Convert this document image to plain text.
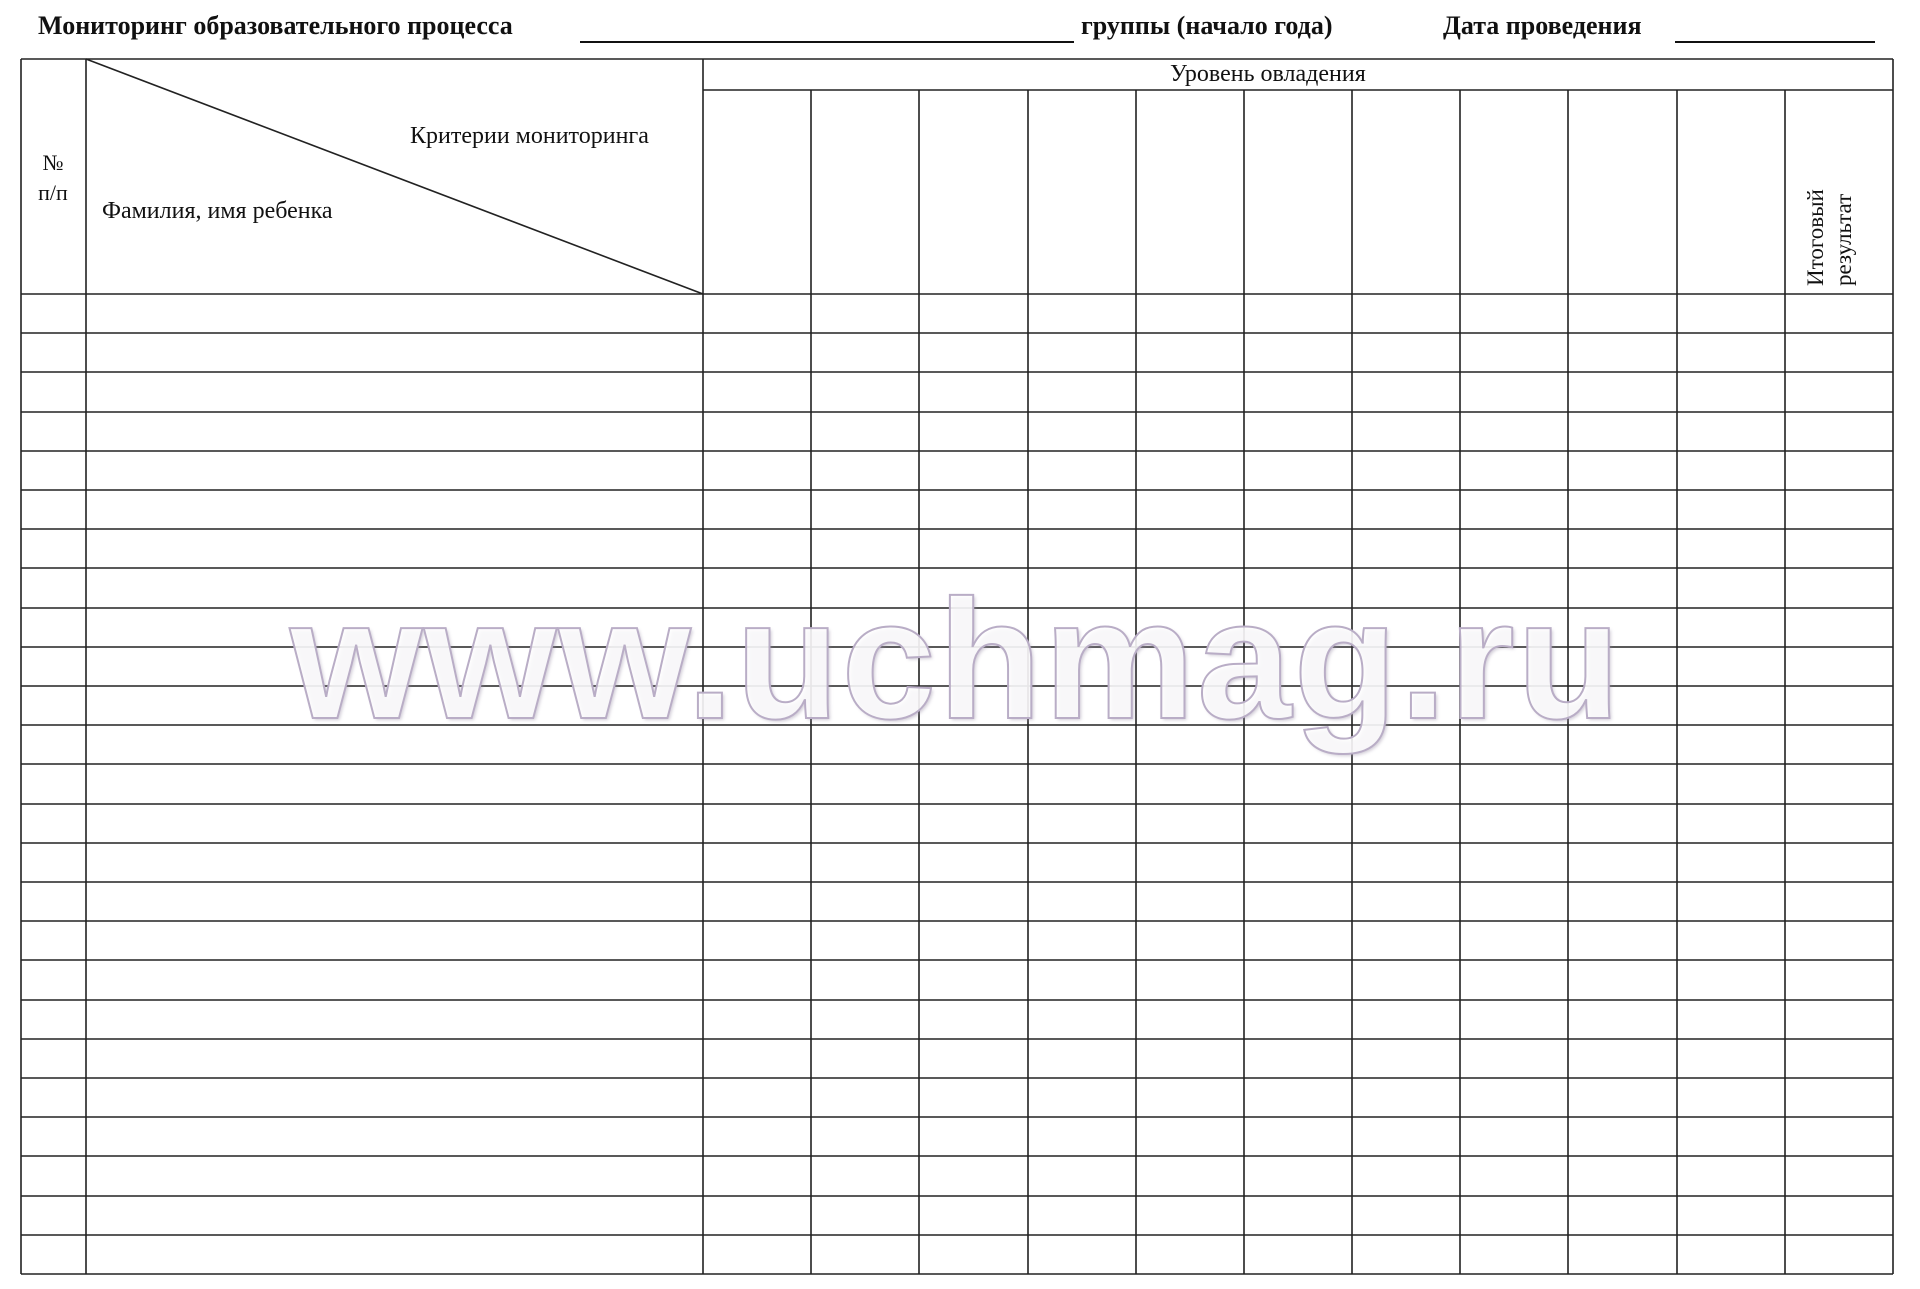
Мониторинг образовательного процесса	группы (начало года)	Дата проведения
№
п/п
Критерии мониторинга
Фамилия, имя ребенка
Уровень овладения
Итоговый результат
www.uchmag.ru
